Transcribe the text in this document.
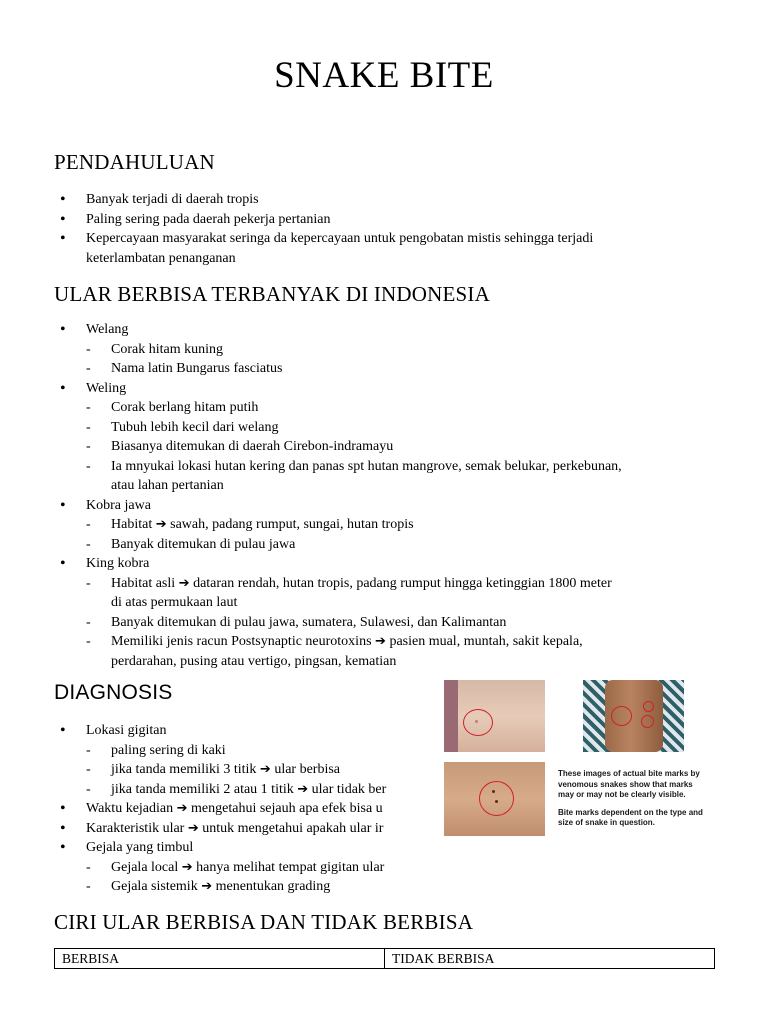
SNAKE BITE
PENDAHULUAN
• Banyak terjadi di daerah tropis
• Paling sering pada daerah pekerja pertanian
• Kepercayaan masyarakat seringa da kepercayaan untuk pengobatan mistis sehingga terjadi
keterlambatan penanganan
ULAR BERBISA TERBANYAK DI INDONESIA
• Welang
- Corak hitam kuning
- Nama latin Bungarus fasciatus
• Weling
- Corak berlang hitam putih
- Tubuh lebih kecil dari welang
- Biasanya ditemukan di daerah Cirebon-indramayu
- Ia mnyukai lokasi hutan kering dan panas spt hutan mangrove, semak belukar, perkebunan,
atau lahan pertanian
• Kobra jawa
- Habitat ➔ sawah, padang rumput, sungai, hutan tropis
- Banyak ditemukan di pulau jawa
• King kobra
- Habitat asli ➔ dataran rendah, hutan tropis, padang rumput hingga ketinggian 1800 meter
di atas permukaan laut
- Banyak ditemukan di pulau jawa, sumatera, Sulawesi, dan Kalimantan
- Memiliki jenis racun Postsynaptic neurotoxins ➔ pasien mual, muntah, sakit kepala,
perdarahan, pusing atau vertigo, pingsan, kematian
DIAGNOSIS
• Lokasi gigitan
- paling sering di kaki
- jika tanda memiliki 3 titik ➔ ular berbisa
- jika tanda memiliki 2 atau 1 titik ➔ ular tidak ber
• Waktu kejadian ➔ mengetahui sejauh apa efek bisa u
• Karakteristik ular ➔ untuk mengetahui apakah ular ir
• Gejala yang timbul
- Gejala local ➔ hanya melihat tempat gigitan ular
- Gejala sistemik ➔ menentukan grading

These images of actual bite marks by venomous snakes show that marks may or may not be clearly visible.

Bite marks dependent on the type and size of snake in question.

CIRI ULAR BERBISA DAN TIDAK BERBISA
BERBISA	TIDAK BERBISA
